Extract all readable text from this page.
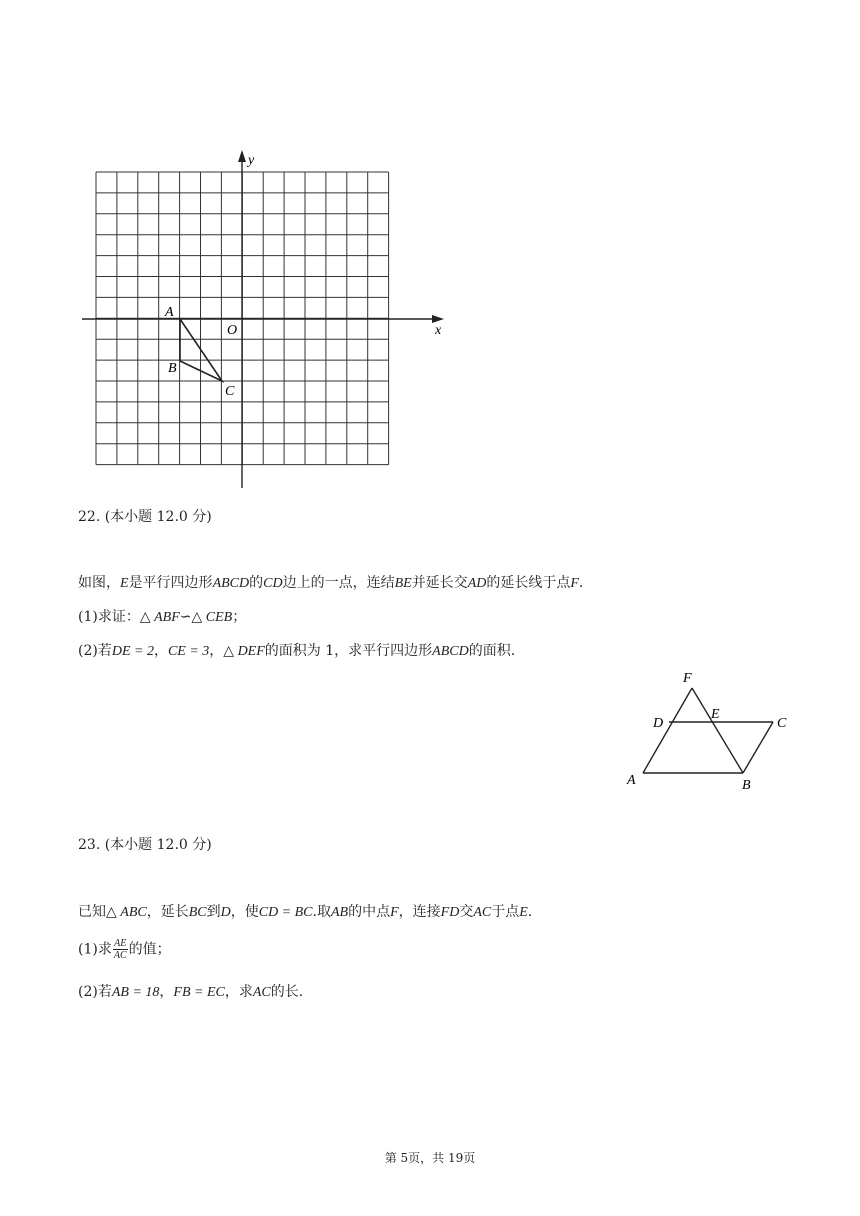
x
y
O
A
B
C
22. (本小题 12.0 分)
如图，E是平行四边形ABCD的CD边上的一点，连结BE并延长交AD的延长线于点F.
(1)求证：△ ABF∽△ CEB；
(2)若DE = 2，CE = 3，△ DEF的面积为 1，求平行四边形ABCD的面积.
F
D
E
C
A	B
23. (本小题 12.0 分)
已知△ ABC，延长BC到D，使CD = BC.取AB的中点F，连接FD交AC于点E.
(1)求 $\frac{AE}{AC}$ 的值；
(2)若AB = 18，FB = EC，求AC的长.
第 5页，共 19页
